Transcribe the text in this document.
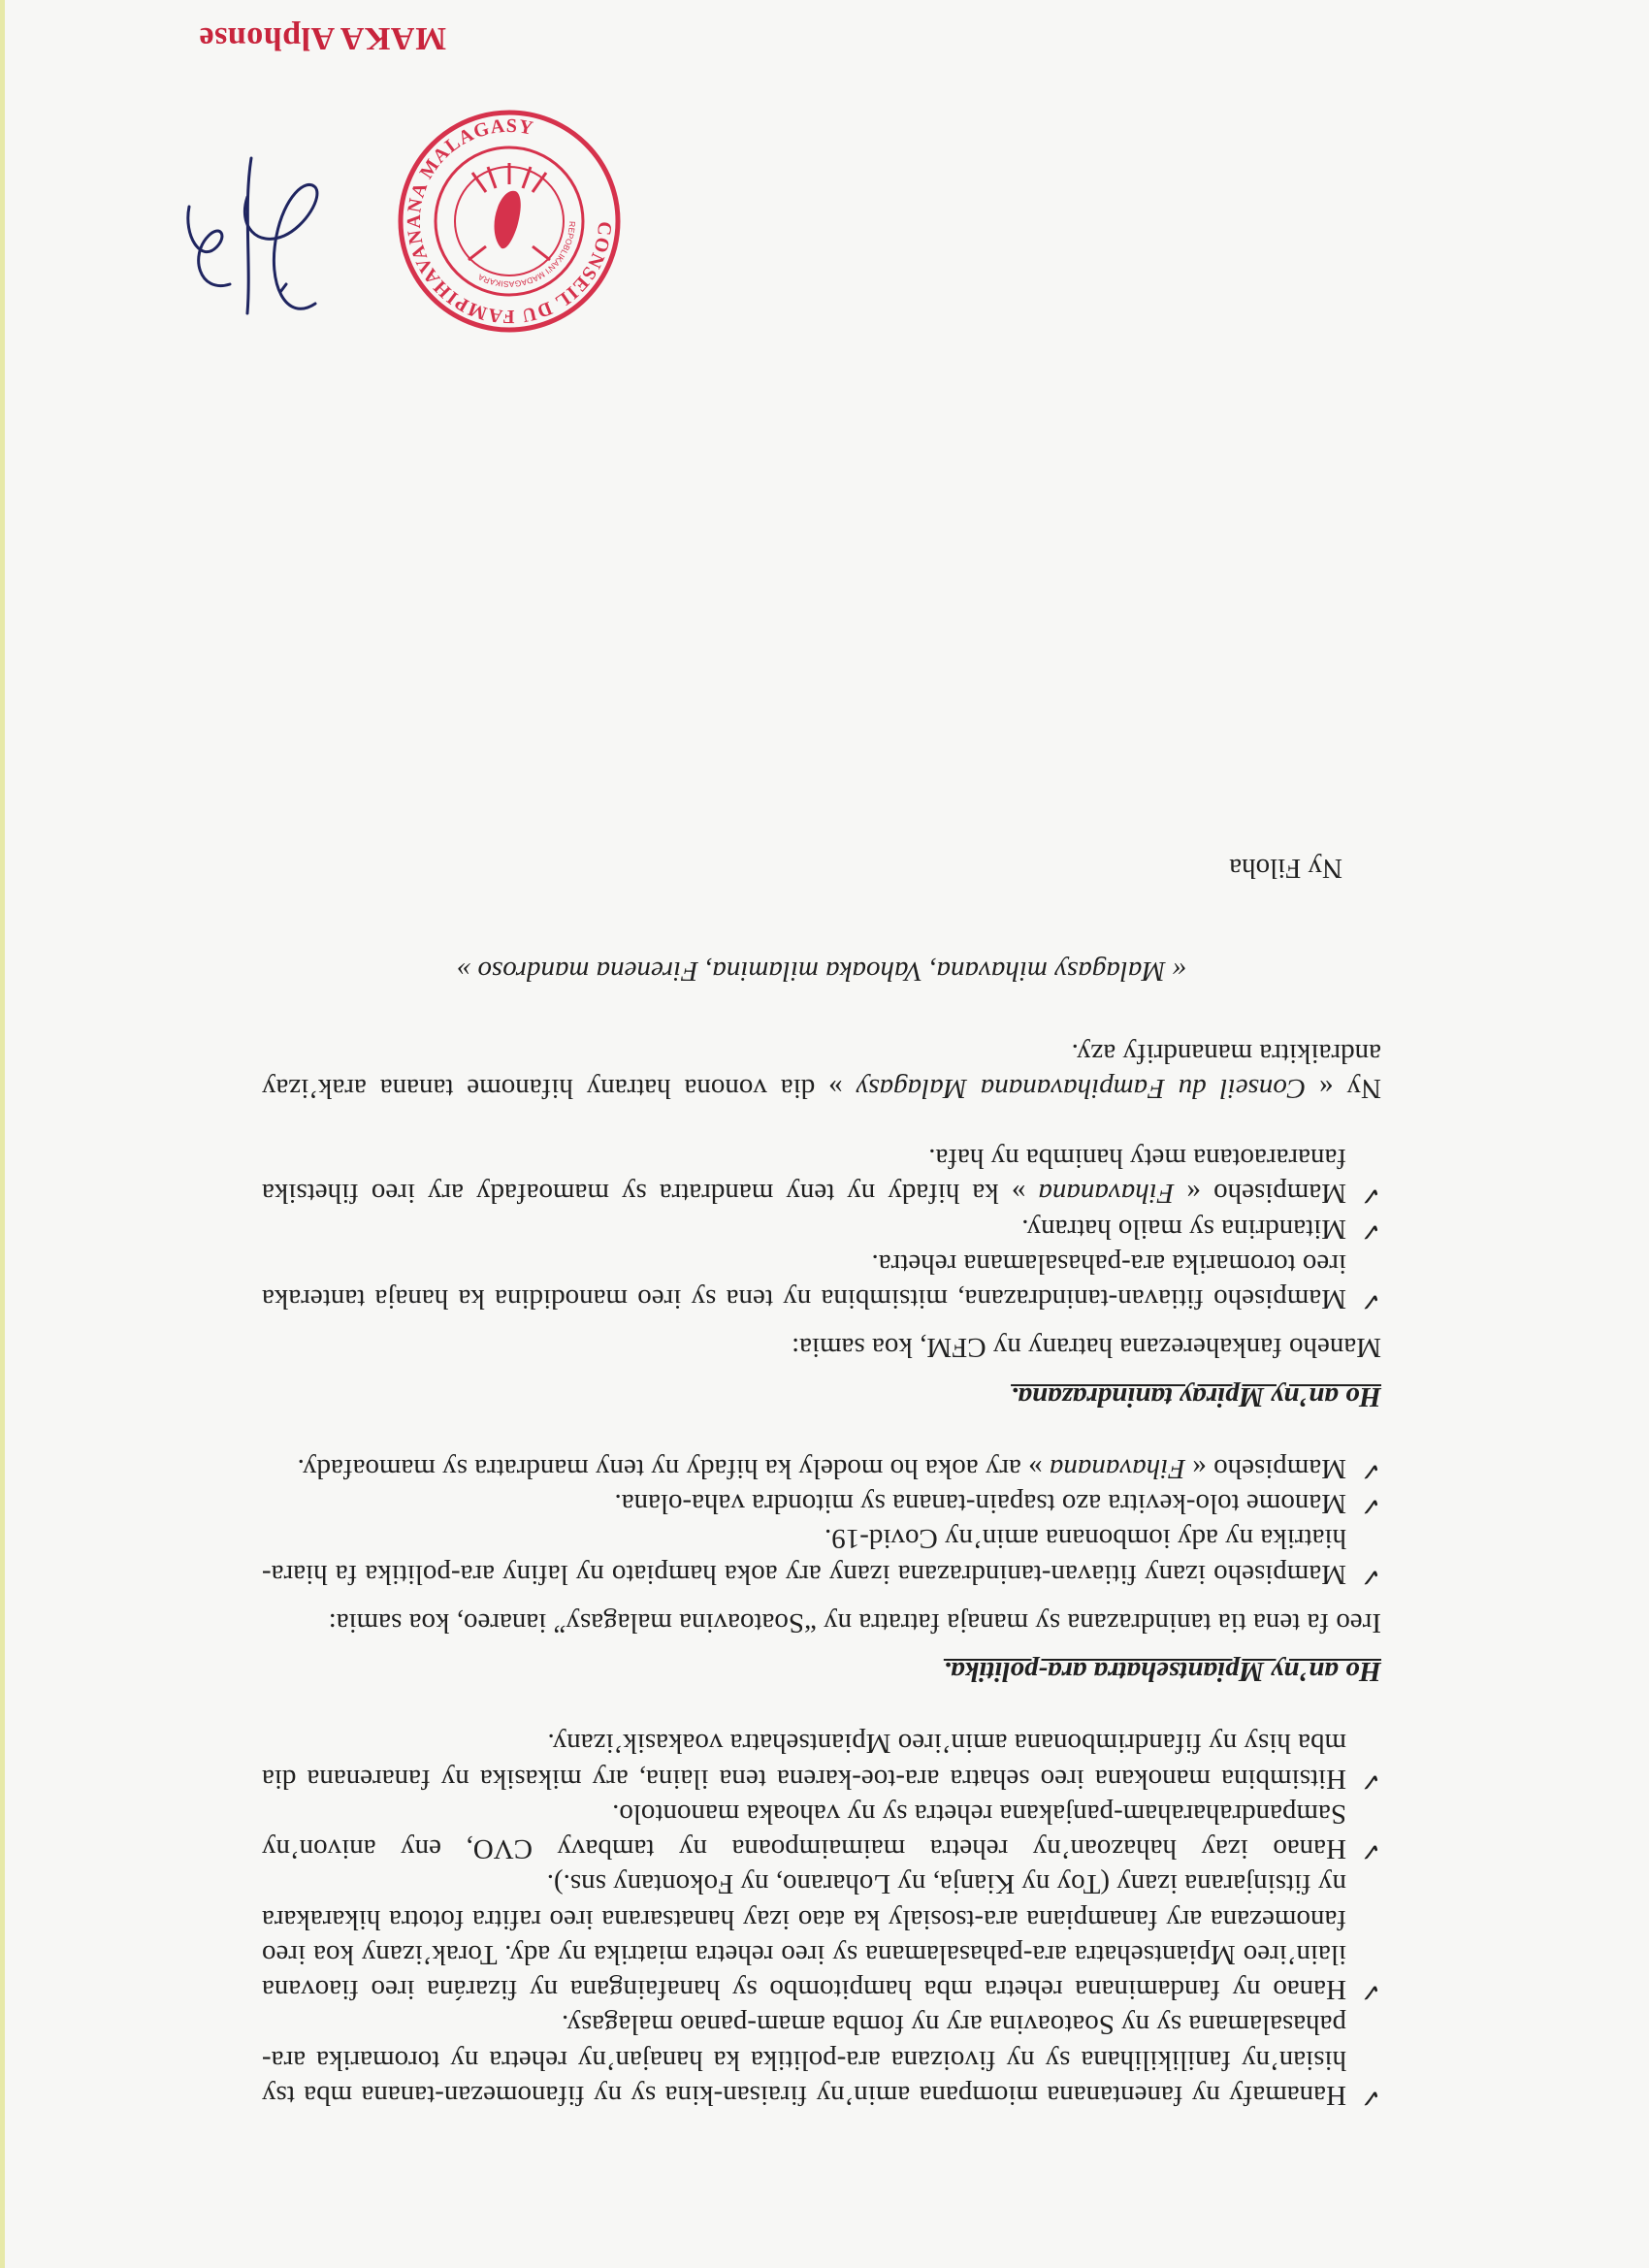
✓
Hanamafy ny fanentanana miompana amin’ny firaisan-kina sy ny fifanomezan-tanana mba tsy hisian’ny fanilikilihana sy ny fivoizana ara-politika ka hanajan’ny rehetra ny toromarika ara-pahasalamana sy ny Soatoavina ary ny fomba amam-panao malagasy.
✓
Hanao ny fandaminana rehetra mba hampitombo sy hanafaingana ny fizarána ireo fiaovana ilain’ireo Mpiantsehatra ara-pahasalamana sy ireo rehetra miatrika ny ady. Torak’izany koa ireo fanomezana ary fanampiana ara-tsosialy ka atao izay hanatsarana ireo rafitra fototra hikarakara ny fitsinjarana izany (Toy ny Kianja, ny Loharano, ny Fokontany sns.).
✓
Hanao izay hahazoan’ny rehetra maimaimpoana ny tambavy CVO, eny anivon’ny Sampandraharaham-panjakana rehetra sy ny vahoaka manontolo.
✓
Hitsimbina manokana ireo sehatra ara-toe-karena tena ilaina, ary mikasika ny fanarenana dia mba hisy ny fifandrimbonana amin’ireo Mpiantsehatra voakasik’izany.

Ho an’ny Mpiantsehatra ara-politika.

Ireo fa tena tia tanindrazana sy manaja fatratra ny “Soatoavina malagasy” ianareo, koa samia:

✓
Mampiseho izany fitiavan-tanindrazana izany ary aoka hampiato ny lafiny ara-politika fa hiara-hiatrika ny ady iombonana amin’ny Covid-19.
✓
Manome tolo-kevitra azo tsapain-tanana sy mitondra vaha-olana.
✓
Mampiseho « Fihavanana » ary aoka ho modely ka hifady ny teny mandratra sy mamoafady.

Ho an’ny Mpiray tanindrazana.

Maneho fankaherezana hatrany ny CFM, koa samia:

✓
Mampiseho fitiavan-tanindrazana, mitsimbina ny tena sy ireo manodidina ka hanaja tanteraka ireo toromarika ara-pahasalamana rehetra.
✓
Mitandrina sy mailo hatrany.
✓
Mampiseho « Fihavanana » ka hifady ny teny mandratra sy mamoafady ary ireo fihetsika fanararaotana mety hanimba ny hafa.

Ny « Conseil du Fampihavanana Malagasy » dia vonona hatrany hifanome tanana arak’izay andraikitra manandrify azy.

« Malagasy mihavana, Vahoaka milamina, Firenena mandroso »

Ny Filoha

CONSEIL DU FAMPIHAVANANA MALAGASY
REPOBLIKAN'I MADAGASIKARA
MAKA Alphonse
